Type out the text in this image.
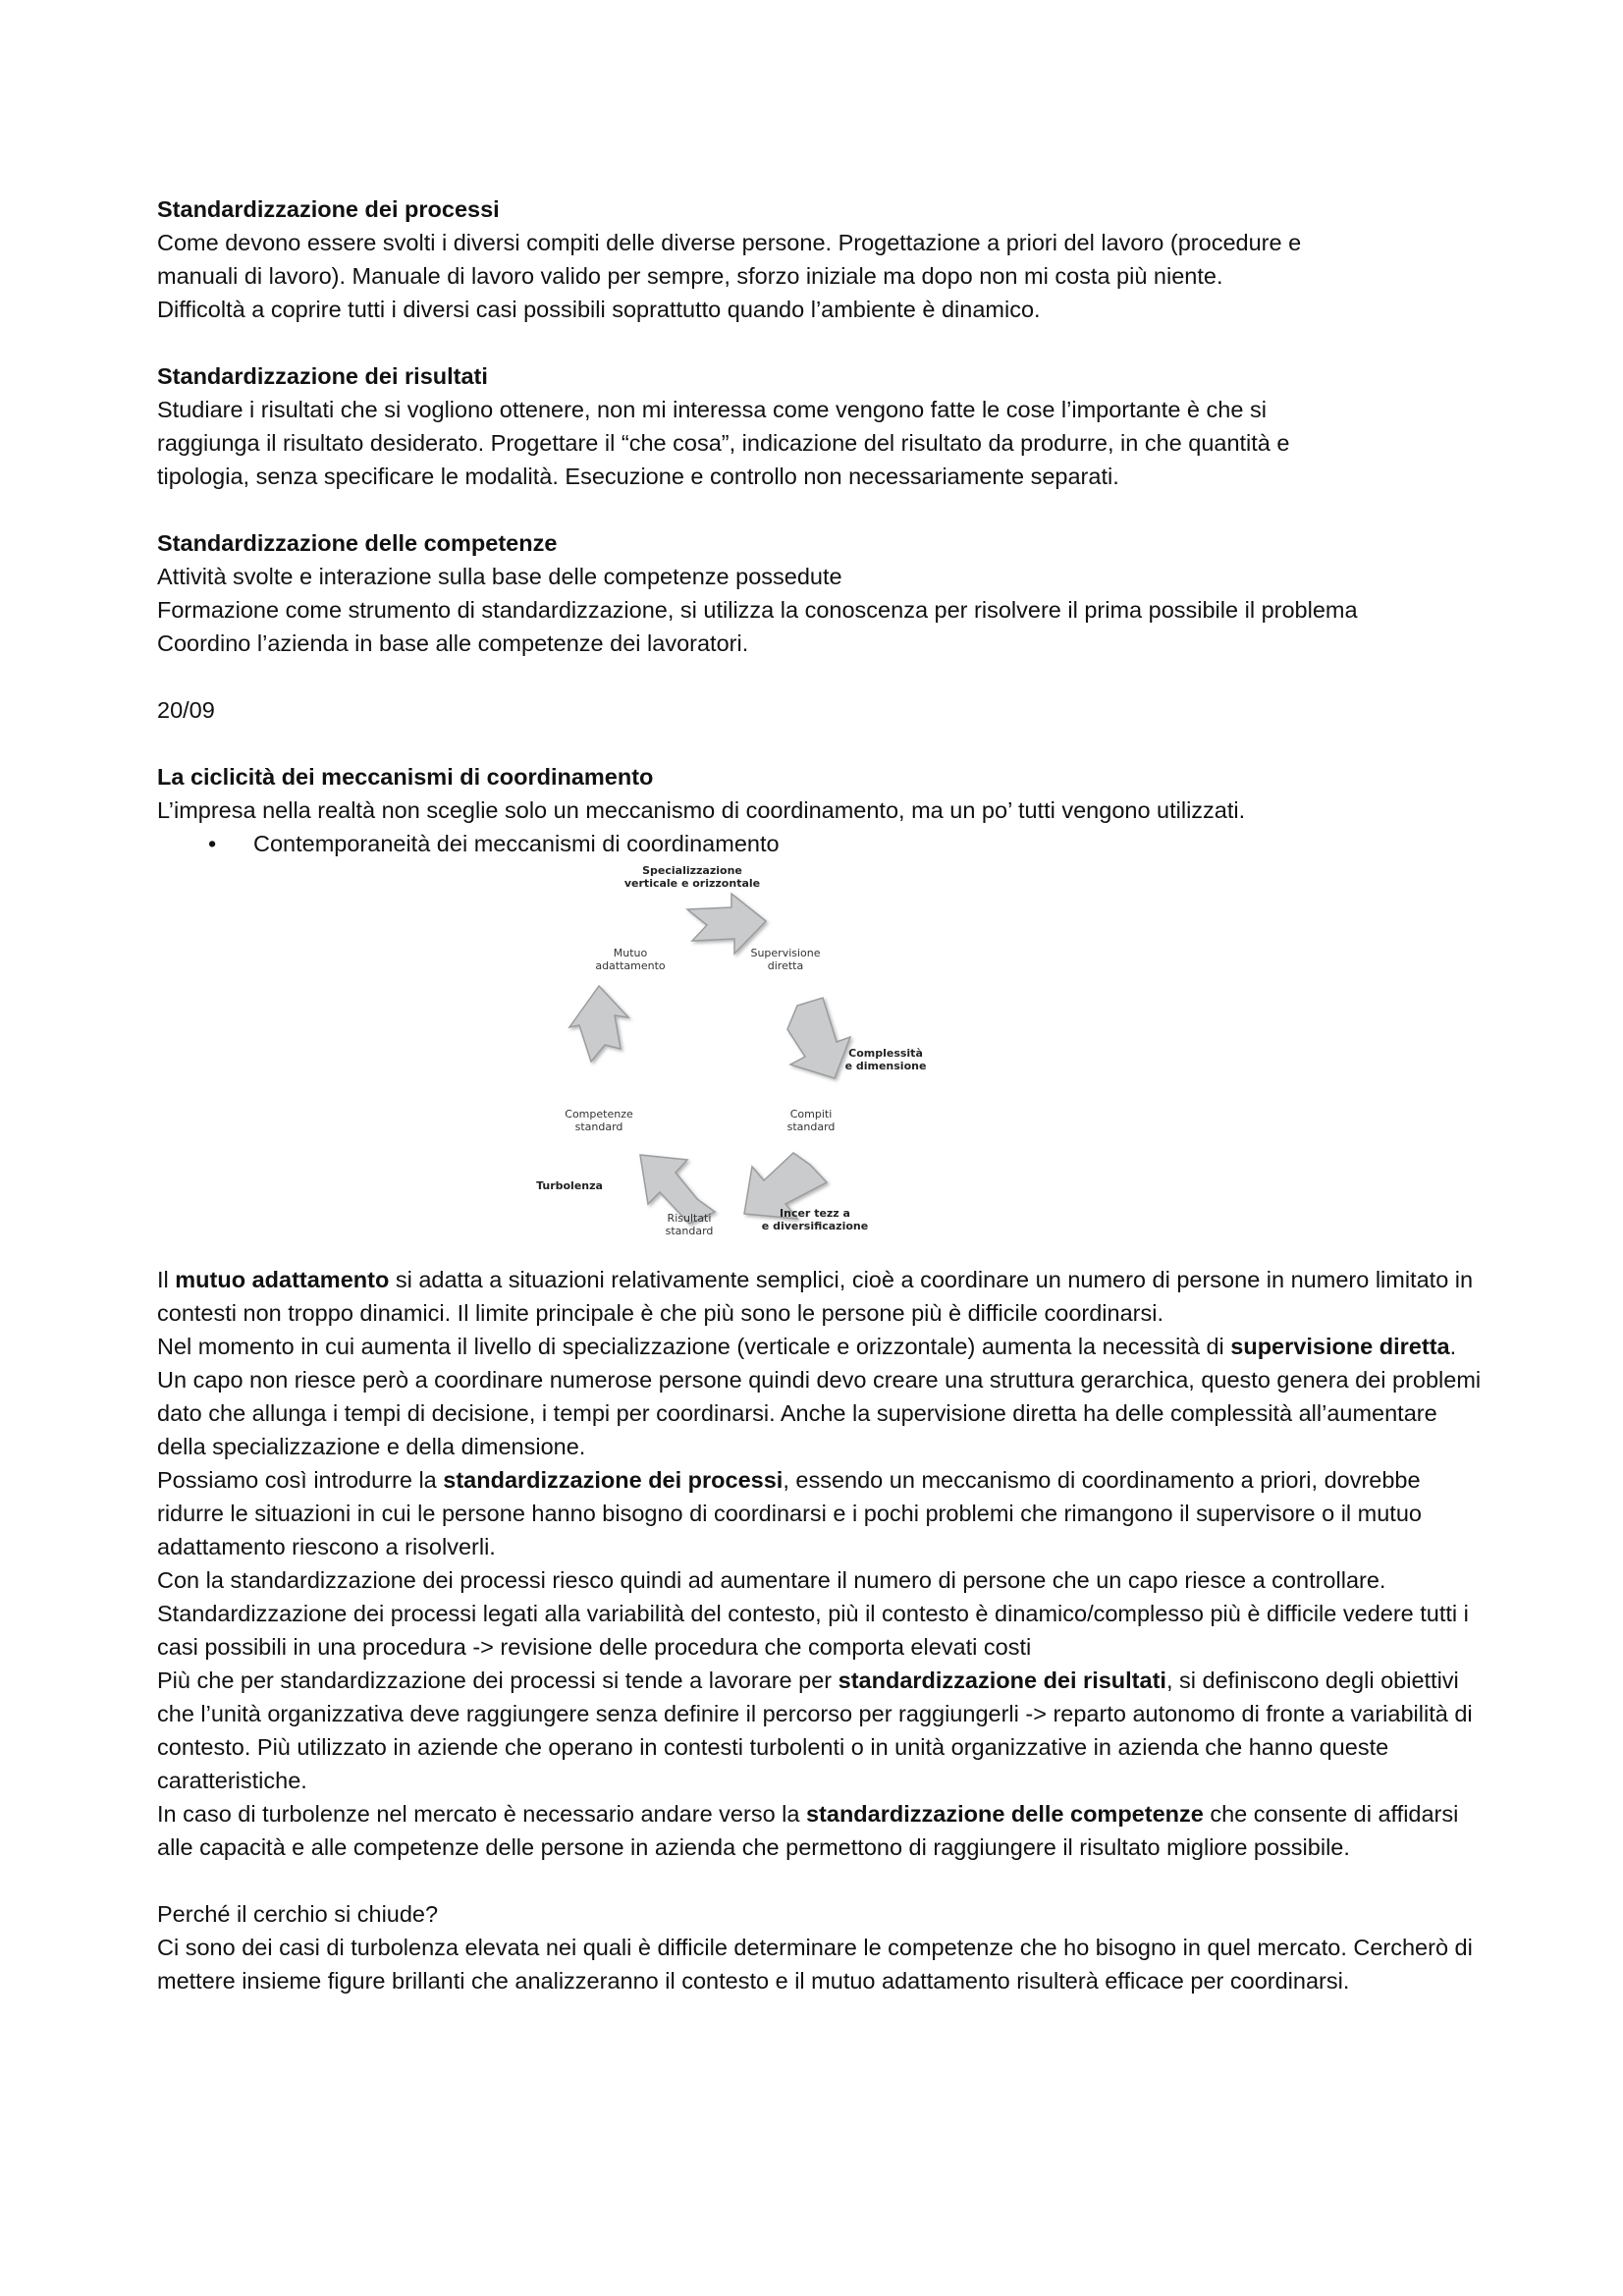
Standardizzazione dei processi

Come devono essere svolti i diversi compiti delle diverse persone. Progettazione a priori del lavoro (procedure e

manuali di lavoro). Manuale di lavoro valido per sempre, sforzo iniziale ma dopo non mi costa più niente.

Difficoltà a coprire tutti i diversi casi possibili soprattutto quando l’ambiente è dinamico.

Standardizzazione dei risultati

Studiare i risultati che si vogliono ottenere, non mi interessa come vengono fatte le cose l’importante è che si

raggiunga il risultato desiderato. Progettare il “che cosa”, indicazione del risultato da produrre, in che quantità e

tipologia, senza specificare le modalità. Esecuzione e controllo non necessariamente separati.

Standardizzazione delle competenze

Attività svolte e interazione sulla base delle competenze possedute

Formazione come strumento di standardizzazione, si utilizza la conoscenza per risolvere il prima possibile il problema

Coordino l’azienda in base alle competenze dei lavoratori.

20/09

La ciclicità dei meccanismi di coordinamento

L’impresa nella realtà non sceglie solo un meccanismo di coordinamento, ma un po’ tutti vengono utilizzati.

•	Contemporaneità dei meccanismi di coordinamento
Specializzazione
verticale e orizzontale
Mutuo
adattamento
Supervisione
diretta
Complessità
e dimensione
Competenze
standard
Compiti
standard
Turbolenza
Risultati
standard
Incer tezz a
e diversificazione

Il mutuo adattamento si adatta a situazioni relativamente semplici, cioè a coordinare un numero di persone in numero limitato in contesti non troppo dinamici. Il limite principale è che più sono le persone più è difficile coordinarsi.

Nel momento in cui aumenta il livello di specializzazione (verticale e orizzontale) aumenta la necessità di supervisione diretta.

Un capo non riesce però a coordinare numerose persone quindi devo creare una struttura gerarchica, questo genera dei problemi dato che allunga i tempi di decisione, i tempi per coordinarsi. Anche la supervisione diretta ha delle complessità all’aumentare della specializzazione e della dimensione.

Possiamo così introdurre la standardizzazione dei processi, essendo un meccanismo di coordinamento a priori, dovrebbe ridurre le situazioni in cui le persone hanno bisogno di coordinarsi e i pochi problemi che rimangono il supervisore o il mutuo adattamento riescono a risolverli.

Con la standardizzazione dei processi riesco quindi ad aumentare il numero di persone che un capo riesce a controllare. Standardizzazione dei processi legati alla variabilità del contesto, più il contesto è dinamico/complesso più è difficile vedere tutti i casi possibili in una procedura -> revisione delle procedura che comporta elevati costi

Più che per standardizzazione dei processi si tende a lavorare per standardizzazione dei risultati, si definiscono degli obiettivi che l’unità organizzativa deve raggiungere senza definire il percorso per raggiungerli -> reparto autonomo di fronte a variabilità di contesto. Più utilizzato in aziende che operano in contesti turbolenti o in unità organizzative in azienda che hanno queste caratteristiche.

In caso di turbolenze nel mercato è necessario andare verso la standardizzazione delle competenze che consente di affidarsi alle capacità e alle competenze delle persone in azienda che permettono di raggiungere il risultato migliore possibile.

Perché il cerchio si chiude?

Ci sono dei casi di turbolenza elevata nei quali è difficile determinare le competenze che ho bisogno in quel mercato. Cercherò di mettere insieme figure brillanti che analizzeranno il contesto e il mutuo adattamento risulterà efficace per coordinarsi.
